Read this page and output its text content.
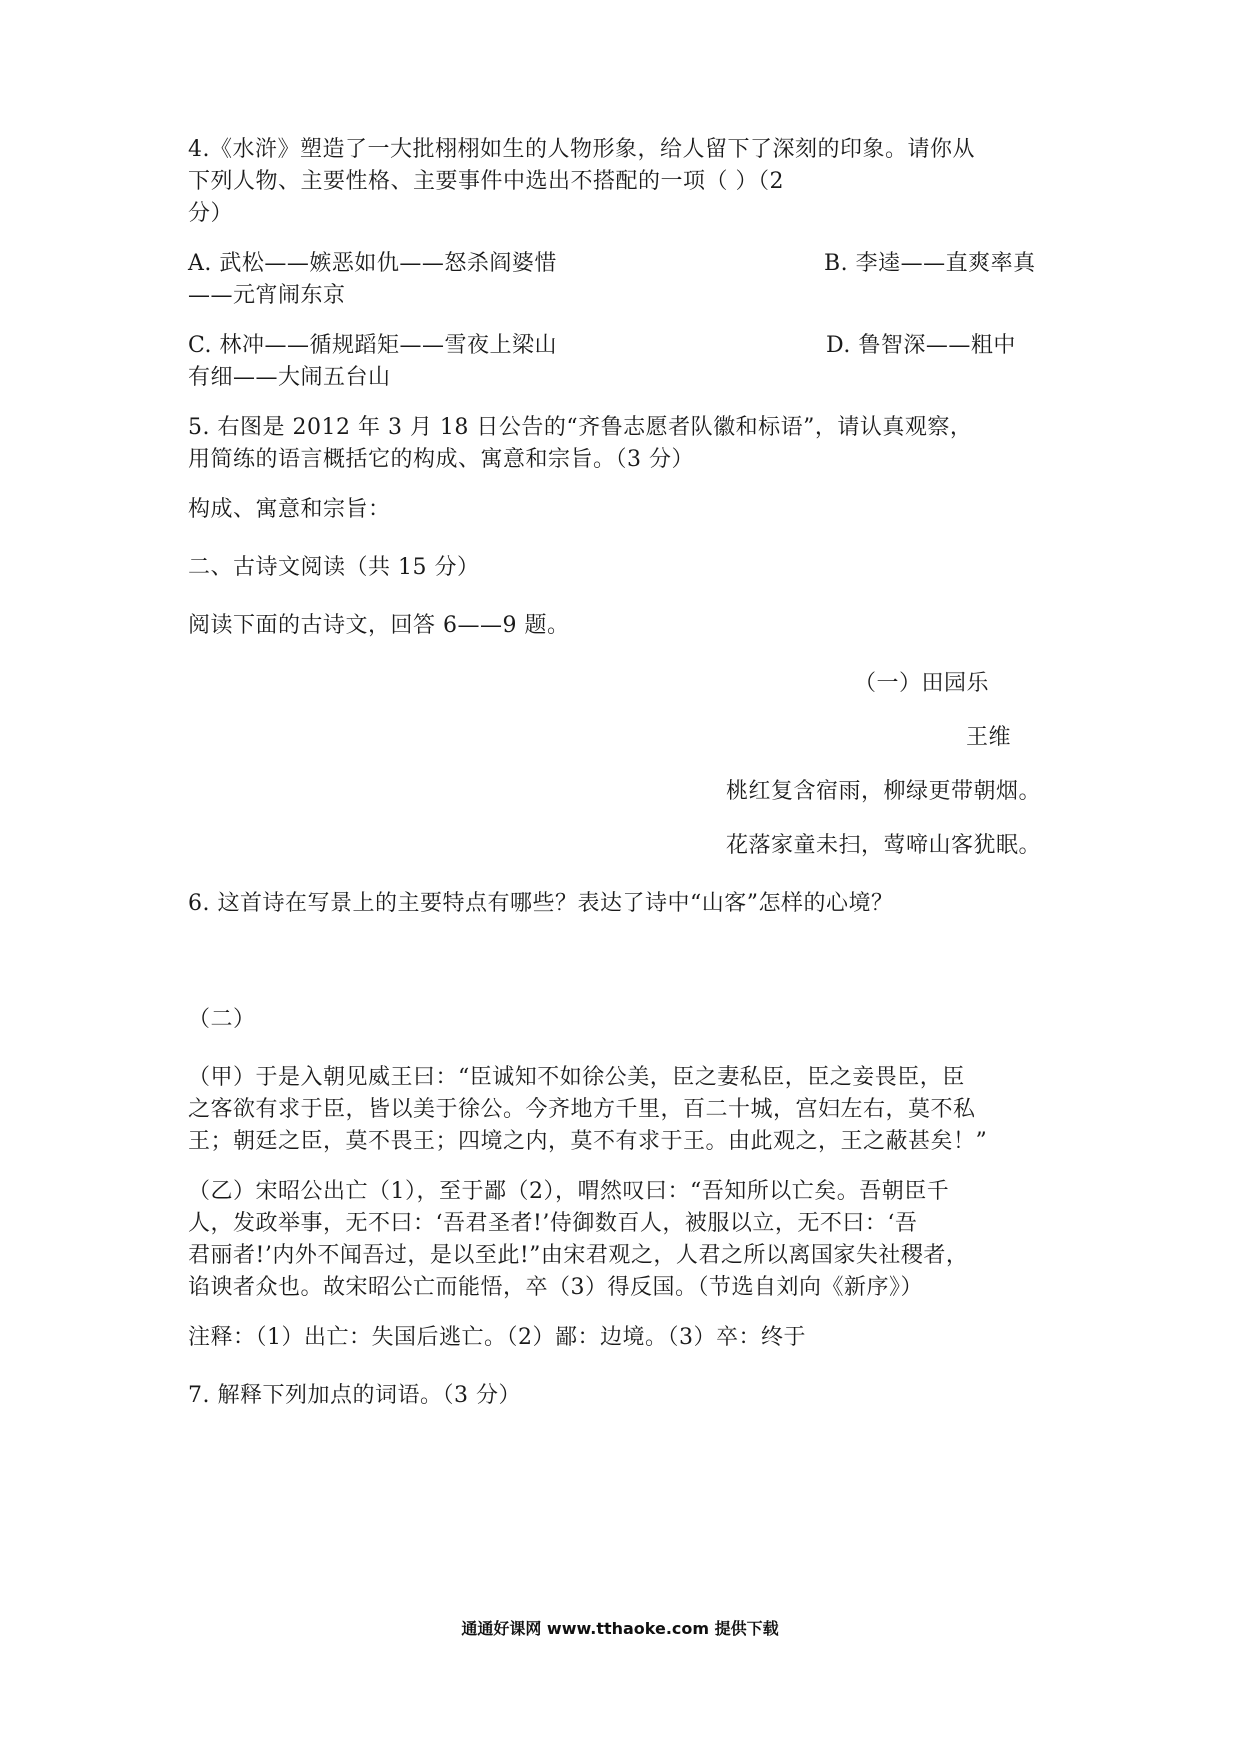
4.《水浒》塑造了一大批栩栩如生的人物形象，给人留下了深刻的印象。请你从
下列人物、主要性格、主要事件中选出不搭配的一项（ ）（2
分）
A. 武松——嫉恶如仇——怒杀阎婆惜	B. 李逵——直爽率真
——元宵闹东京
C. 林冲——循规蹈矩——雪夜上梁山	D. 鲁智深——粗中
有细——大闹五台山
5. 右图是 2012 年 3 月 18 日公告的“齐鲁志愿者队徽和标语”，请认真观察，
用简练的语言概括它的构成、寓意和宗旨。（3 分）
构成、寓意和宗旨：
二、古诗文阅读（共 15 分）
阅读下面的古诗文，回答 6——9 题。
（一）田园乐
王维
桃红复含宿雨，柳绿更带朝烟。
花落家童未扫，莺啼山客犹眠。
6. 这首诗在写景上的主要特点有哪些？表达了诗中“山客”怎样的心境？
（二）
（甲）于是入朝见威王曰：“臣诚知不如徐公美，臣之妻私臣，臣之妾畏臣，臣
之客欲有求于臣，皆以美于徐公。今齐地方千里，百二十城，宫妇左右，莫不私
王；朝廷之臣，莫不畏王；四境之内，莫不有求于王。由此观之，王之蔽甚矣！”
（乙）宋昭公出亡（1），至于鄙（2），喟然叹曰：“吾知所以亡矣。吾朝臣千
人，发政举事，无不曰：‘吾君圣者!’侍御数百人，被服以立，无不曰：‘吾
君丽者!’内外不闻吾过，是以至此!”由宋君观之，人君之所以离国家失社稷者，
谄谀者众也。故宋昭公亡而能悟，卒（3）得反国。（节选自刘向《新序》）
注释：（1）出亡：失国后逃亡。（2）鄙：边境。（3）卒：终于
7. 解释下列加点的词语。（3 分）
通通好课网 www.tthaoke.com 提供下载
